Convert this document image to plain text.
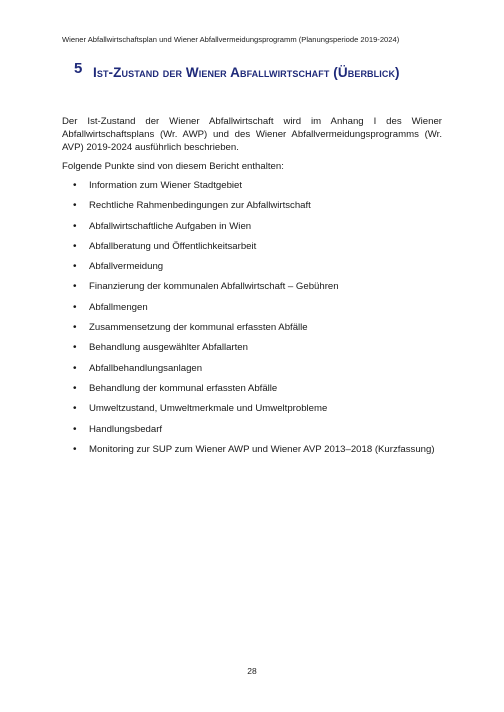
Wiener Abfallwirtschaftsplan und Wiener Abfallvermeidungsprogramm (Planungsperiode 2019-2024)
5 Ist-Zustand der Wiener Abfallwirtschaft (Überblick)

Der Ist-Zustand der Wiener Abfallwirtschaft wird im Anhang I des Wiener Abfallwirtschaftsplans (Wr. AWP) und des Wiener Abfallvermeidungsprogramms (Wr. AVP) 2019-2024 ausführlich beschrieben.

Folgende Punkte sind von diesem Bericht enthalten:

• Information zum Wiener Stadtgebiet
• Rechtliche Rahmenbedingungen zur Abfallwirtschaft
• Abfallwirtschaftliche Aufgaben in Wien
• Abfallberatung und Öffentlichkeitsarbeit
• Abfallvermeidung
• Finanzierung der kommunalen Abfallwirtschaft – Gebühren
• Abfallmengen
• Zusammensetzung der kommunal erfassten Abfälle
• Behandlung ausgewählter Abfallarten
• Abfallbehandlungsanlagen
• Behandlung der kommunal erfassten Abfälle
• Umweltzustand, Umweltmerkmale und Umweltprobleme
• Handlungsbedarf
• Monitoring zur SUP zum Wiener AWP und Wiener AVP 2013–2018 (Kurzfassung)
28
